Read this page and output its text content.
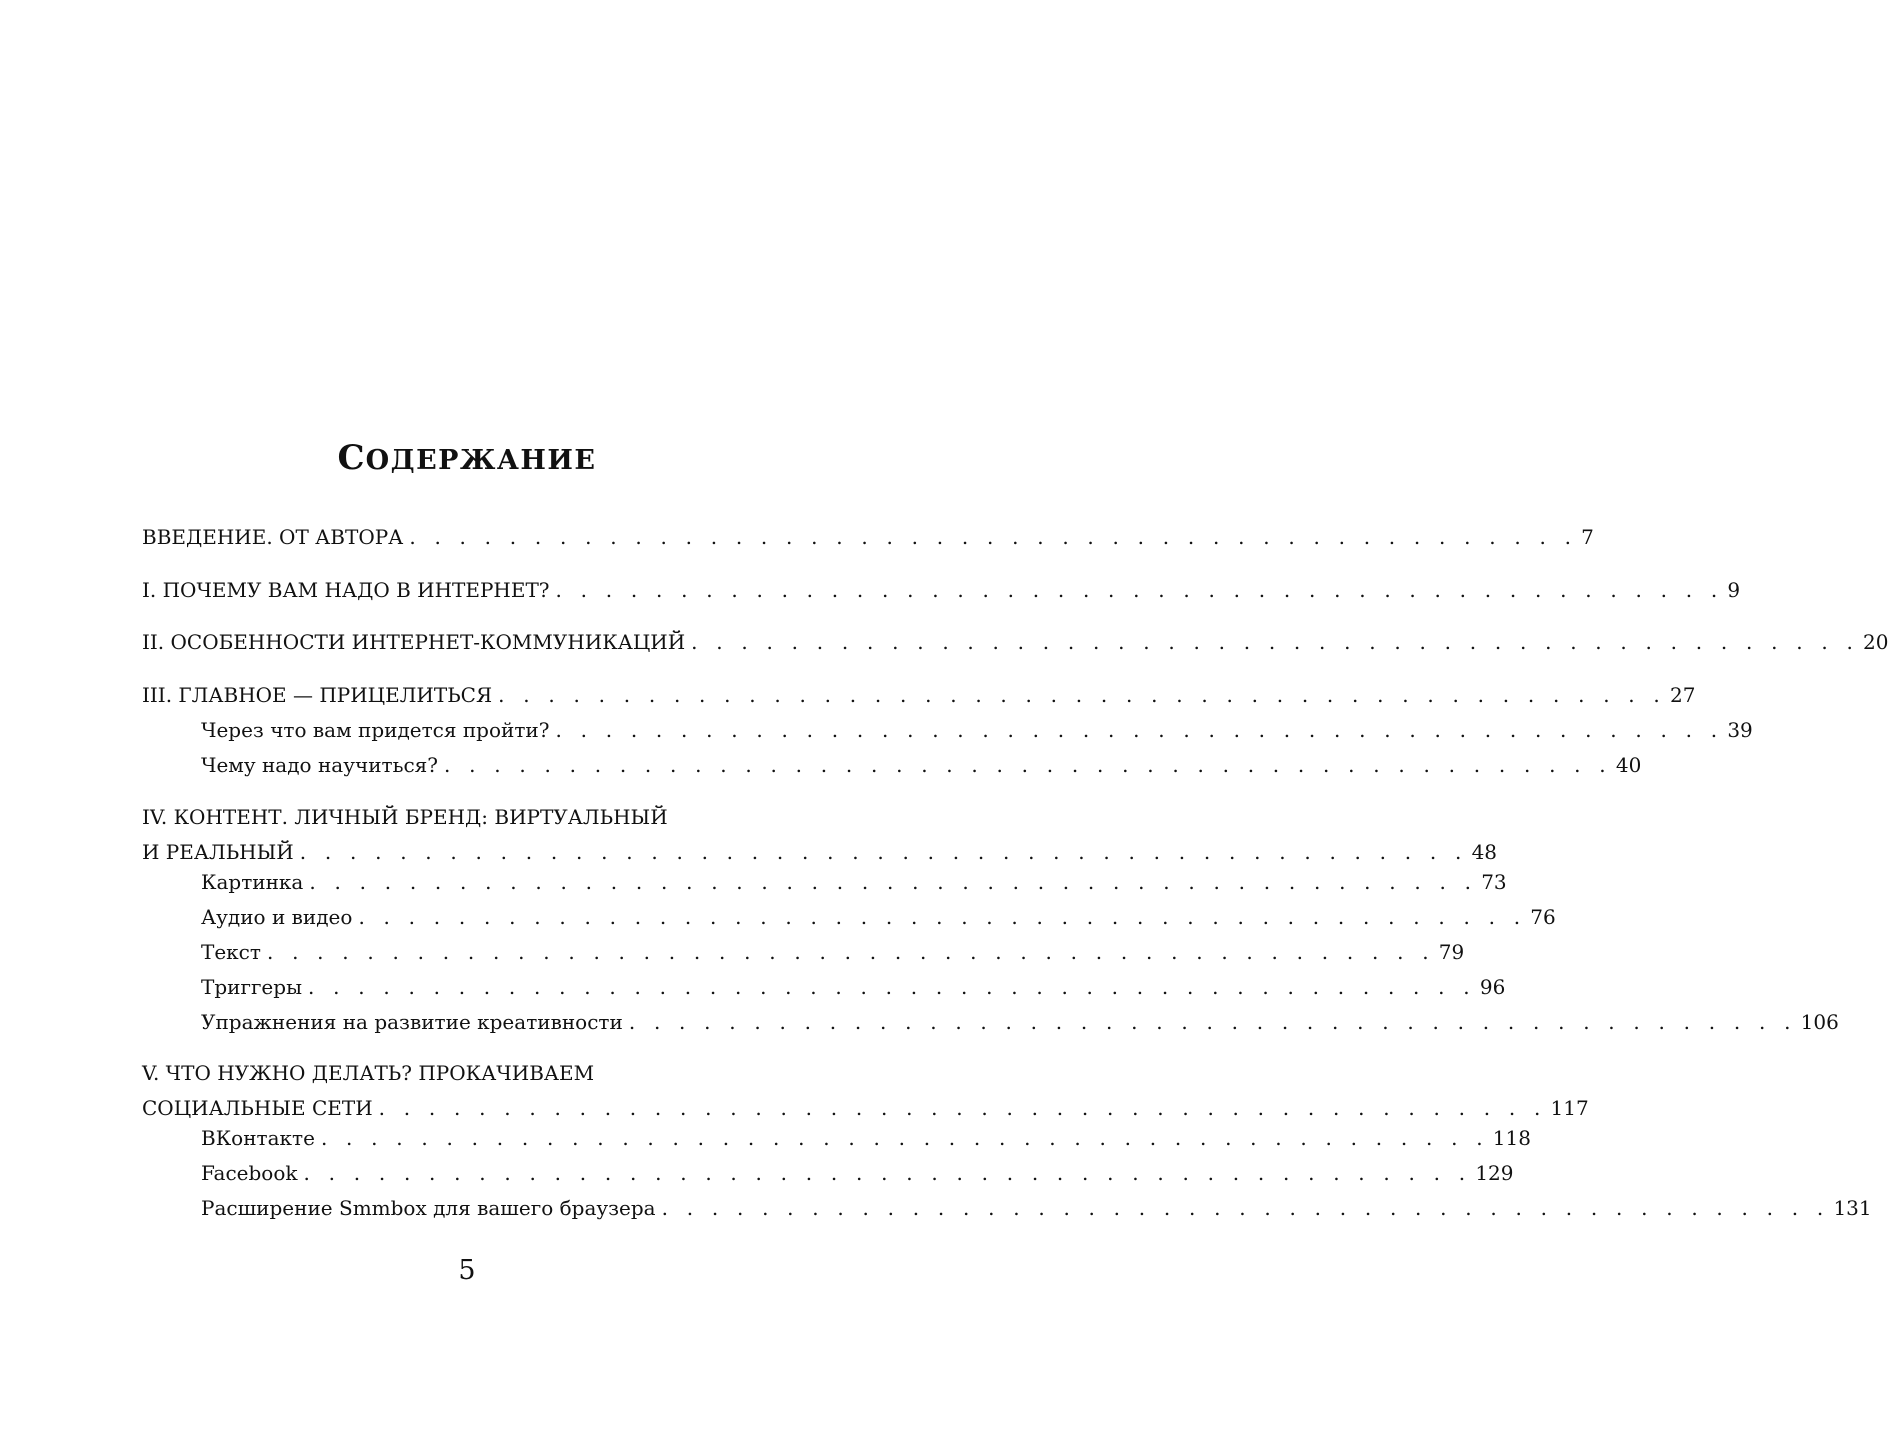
СОДЕРЖАНИЕ
ВВЕДЕНИЕ. ОТ АВТОРА . . . . . . . . . . . . . . . . . . . . . . . . . . . . . . . . . . . . . . . . . . . . . . . 7
I. ПОЧЕМУ ВАМ НАДО В ИНТЕРНЕТ? . . . . . . . . . . . . . . . . . . . . . . . . . . . . . . . . . . . . . . . . . . . . . . . 9
II. ОСОБЕННОСТИ ИНТЕРНЕТ-КОММУНИКАЦИЙ . . . . . . . . . . . . . . . . . . . . . . . . . . . . . . . . . . . . . . . . . . . . . . . 20
III. ГЛАВНОЕ — ПРИЦЕЛИТЬСЯ . . . . . . . . . . . . . . . . . . . . . . . . . . . . . . . . . . . . . . . . . . . . . . . 27
Через что вам придется пройти? . . . . . . . . . . . . . . . . . . . . . . . . . . . . . . . . . . . . . . . . . . . . . . . 39
Чему надо научиться? . . . . . . . . . . . . . . . . . . . . . . . . . . . . . . . . . . . . . . . . . . . . . . . 40
IV. КОНТЕНТ. ЛИЧНЫЙ БРЕНД: ВИРТУАЛЬНЫЙ
И РЕАЛЬНЫЙ . . . . . . . . . . . . . . . . . . . . . . . . . . . . . . . . . . . . . . . . . . . . . . . 48
Картинка . . . . . . . . . . . . . . . . . . . . . . . . . . . . . . . . . . . . . . . . . . . . . . . 73
Аудио и видео . . . . . . . . . . . . . . . . . . . . . . . . . . . . . . . . . . . . . . . . . . . . . . . 76
Текст . . . . . . . . . . . . . . . . . . . . . . . . . . . . . . . . . . . . . . . . . . . . . . . 79
Триггеры . . . . . . . . . . . . . . . . . . . . . . . . . . . . . . . . . . . . . . . . . . . . . . . 96
Упражнения на развитие креативности . . . . . . . . . . . . . . . . . . . . . . . . . . . . . . . . . . . . . . . . . . . . . . . 106
V. ЧТО НУЖНО ДЕЛАТЬ? ПРОКАЧИВАЕМ
СОЦИАЛЬНЫЕ СЕТИ . . . . . . . . . . . . . . . . . . . . . . . . . . . . . . . . . . . . . . . . . . . . . . . 117
ВКонтакте . . . . . . . . . . . . . . . . . . . . . . . . . . . . . . . . . . . . . . . . . . . . . . . 118
Facebook . . . . . . . . . . . . . . . . . . . . . . . . . . . . . . . . . . . . . . . . . . . . . . . 129
Расширение Smmbox для вашего браузера . . . . . . . . . . . . . . . . . . . . . . . . . . . . . . . . . . . . . . . . . . . . . . . 131
5
